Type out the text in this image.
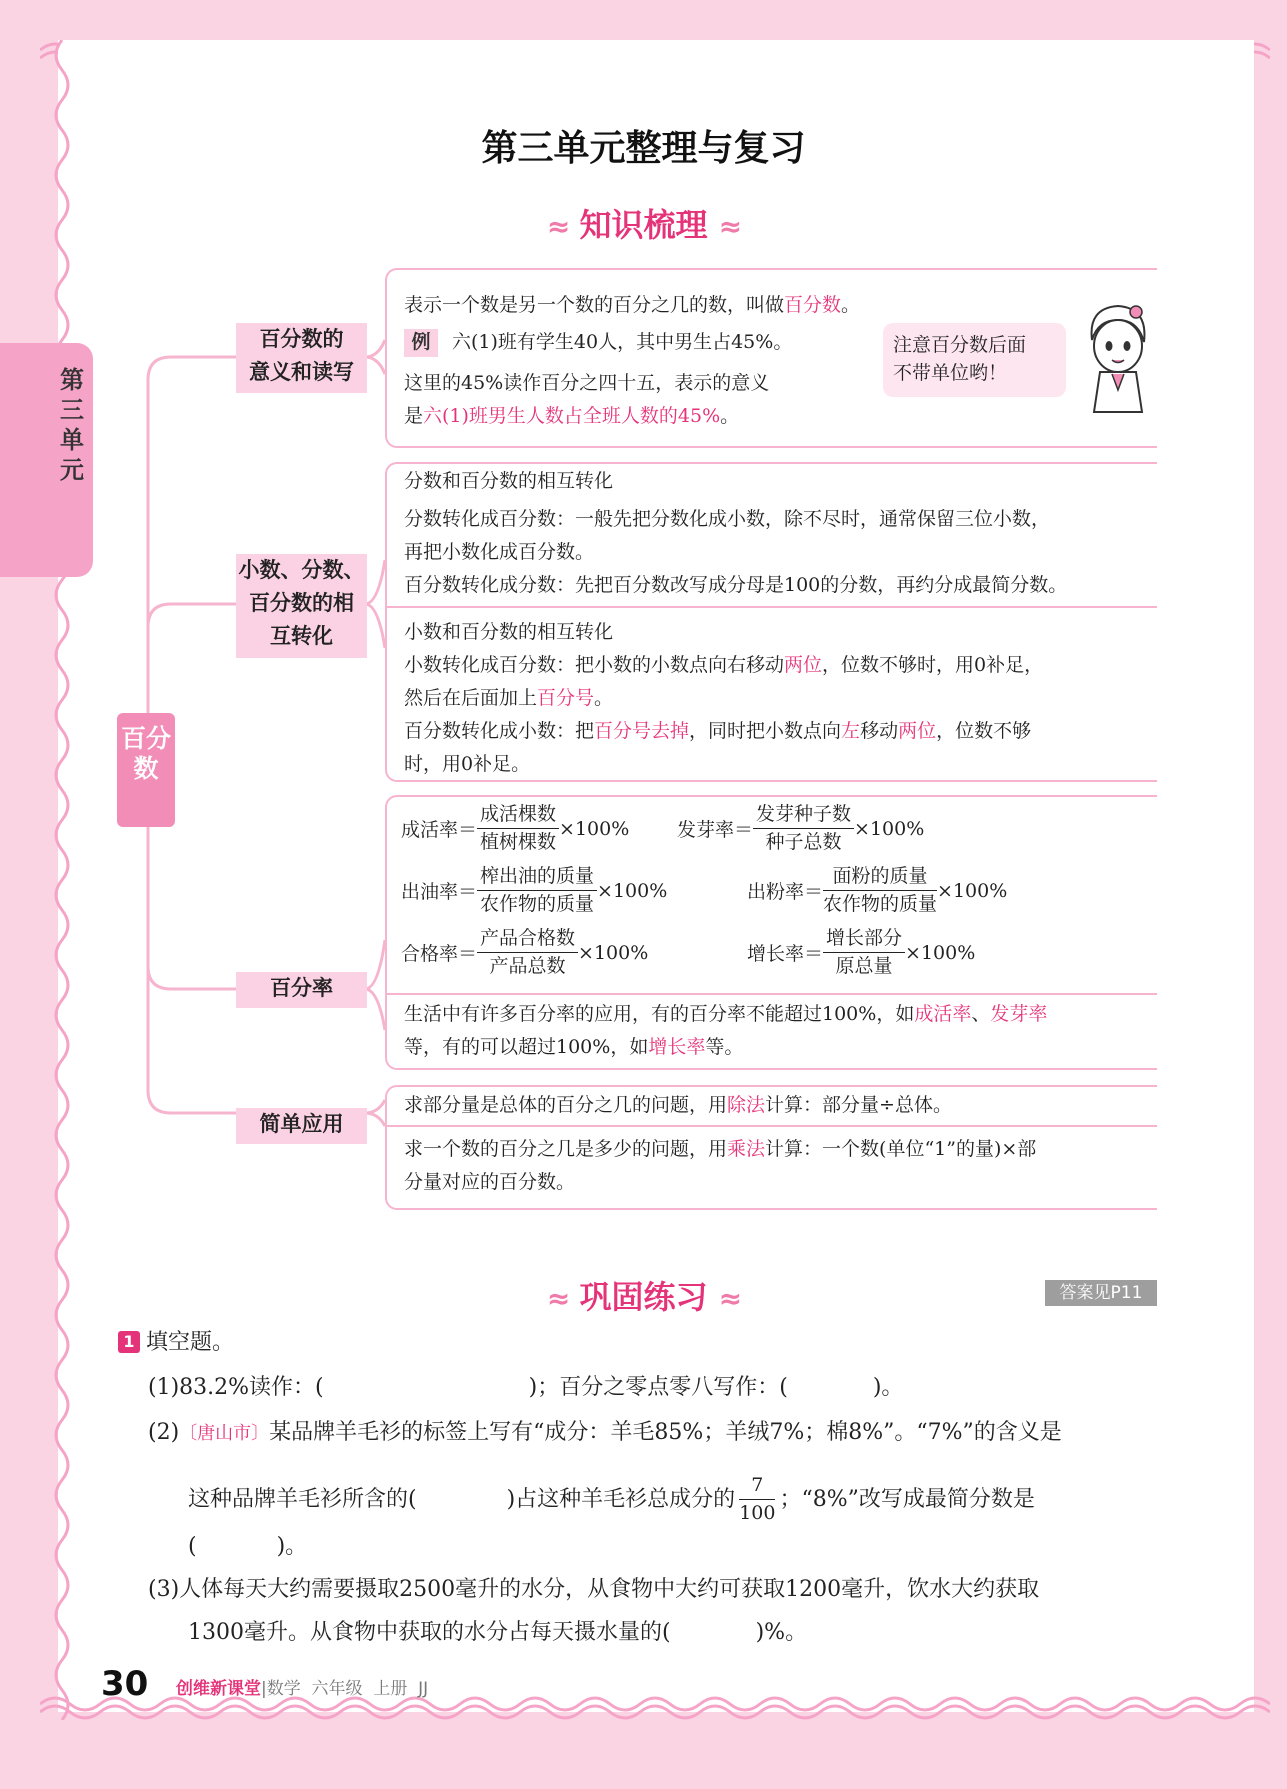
第三单元
第三单元整理与复习
≈ 知识梳理 ≈
百分数
百分数的
意义和读写
小数、分数、
百分数的相
互转化
百分率
简单应用
表示一个数是另一个数的百分之几的数，叫做百分数。
例 六(1)班有学生40人，其中男生占45%。
这里的45%读作百分之四十五，表示的意义
是六(1)班男生人数占全班人数的45%。
注意百分数后面
不带单位哟！
分数和百分数的相互转化
分数转化成百分数：一般先把分数化成小数，除不尽时，通常保留三位小数，
再把小数化成百分数。
百分数转化成分数：先把百分数改写成分母是100的分数，再约分成最简分数。
小数和百分数的相互转化
小数转化成百分数：把小数的小数点向右移动两位，位数不够时，用0补足，
然后在后面加上百分号。
百分数转化成小数：把百分号去掉，同时把小数点向左移动两位，位数不够
时，用0补足。
成活率＝ $\frac{\text{成活棵数}}{\text{植树棵数}} \times 100\%$	发芽率＝ $\frac{\text{发芽种子数}}{\text{种子总数}} \times 100\%$
出油率＝ $\frac{\text{榨出油的质量}}{\text{农作物的质量}} \times 100\%$	出粉率＝ $\frac{\text{面粉的质量}}{\text{农作物的质量}} \times 100\%$
合格率＝ $\frac{\text{产品合格数}}{\text{产品总数}} \times 100\%$	增长率＝ $\frac{\text{增长部分}}{\text{原总量}} \times 100\%$
生活中有许多百分率的应用，有的百分率不能超过100%，如成活率、发芽率
等，有的可以超过100%，如增长率等。
求部分量是总体的百分之几的问题，用除法计算：部分量÷总体。
求一个数的百分之几是多少的问题，用乘法计算：一个数(单位“1”的量)×部
分量对应的百分数。
≈ 巩固练习 ≈	答案见P11
1 填空题。
(1)83.2%读作：(	)；百分之零点零八写作：(	)。
(2)〔唐山市〕某品牌羊毛衫的标签上写有“成分：羊毛85%；羊绒7%；棉8%”。“7%”的含义是
这种品牌羊毛衫所含的(	)占这种羊毛衫总成分的 $\frac{7}{100}$ ；“8%”改写成最简分数是
(	)。
(3)人体每天大约需要摄取2500毫升的水分，从食物中大约可获取1200毫升，饮水大约获取
1300毫升。从食物中获取的水分占每天摄水量的(	)%。
30 创维新课堂|数学 六年级 上册 JJ
